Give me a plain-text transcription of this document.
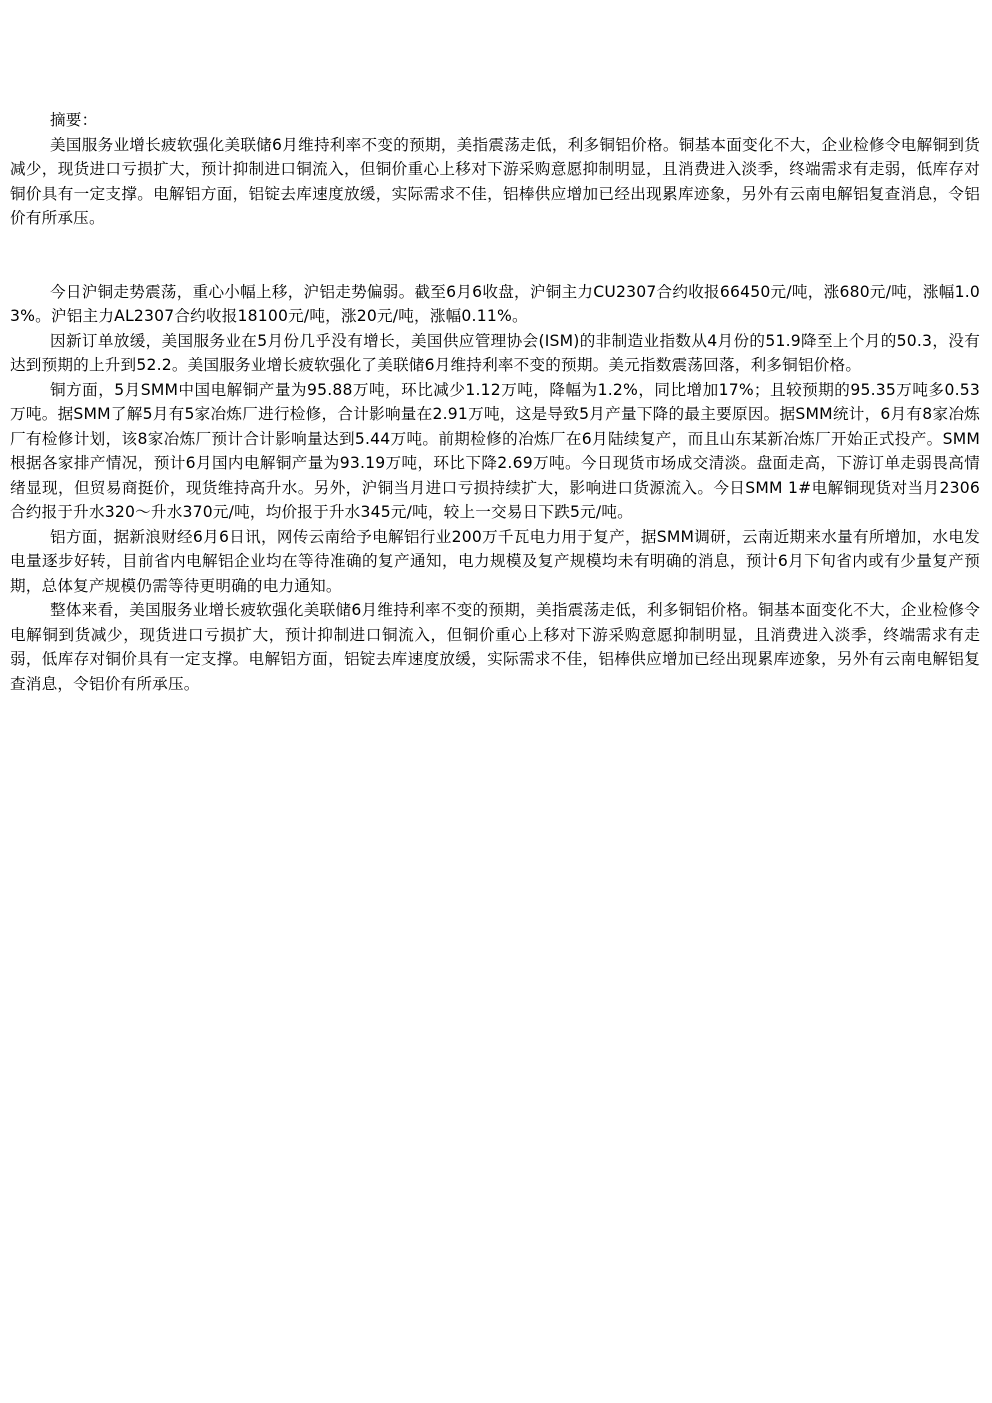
摘要：

美国服务业增长疲软强化美联储6月维持利率不变的预期，美指震荡走低，利多铜铝价格。铜基本面变化不大，企业检修令电解铜到货减少，现货进口亏损扩大，预计抑制进口铜流入，但铜价重心上移对下游采购意愿抑制明显，且消费进入淡季，终端需求有走弱，低库存对铜价具有一定支撑。电解铝方面，铝锭去库速度放缓，实际需求不佳，铝棒供应增加已经出现累库迹象，另外有云南电解铝复查消息，令铝价有所承压。

今日沪铜走势震荡，重心小幅上移，沪铝走势偏弱。截至6月6收盘，沪铜主力CU2307合约收报66450元/吨，涨680元/吨，涨幅1.03%。沪铝主力AL2307合约收报18100元/吨，涨20元/吨，涨幅0.11%。

因新订单放缓，美国服务业在5月份几乎没有增长，美国供应管理协会(ISM)的非制造业指数从4月份的51.9降至上个月的50.3，没有达到预期的上升到52.2。美国服务业增长疲软强化了美联储6月维持利率不变的预期。美元指数震荡回落，利多铜铝价格。

铜方面，5月SMM中国电解铜产量为95.88万吨，环比减少1.12万吨，降幅为1.2%，同比增加17%；且较预期的95.35万吨多0.53万吨。据SMM了解5月有5家冶炼厂进行检修，合计影响量在2.91万吨，这是导致5月产量下降的最主要原因。据SMM统计，6月有8家冶炼厂有检修计划，该8家冶炼厂预计合计影响量达到5.44万吨。前期检修的冶炼厂在6月陆续复产，而且山东某新冶炼厂开始正式投产。SMM根据各家排产情况，预计6月国内电解铜产量为93.19万吨，环比下降2.69万吨。今日现货市场成交清淡。盘面走高，下游订单走弱畏高情绪显现，但贸易商挺价，现货维持高升水。另外，沪铜当月进口亏损持续扩大，影响进口货源流入。今日SMM 1#电解铜现货对当月2306合约报于升水320～升水370元/吨，均价报于升水345元/吨，较上一交易日下跌5元/吨。

铝方面，据新浪财经6月6日讯，网传云南给予电解铝行业200万千瓦电力用于复产，据SMM调研，云南近期来水量有所增加，水电发电量逐步好转，目前省内电解铝企业均在等待准确的复产通知，电力规模及复产规模均未有明确的消息，预计6月下旬省内或有少量复产预期，总体复产规模仍需等待更明确的电力通知。

整体来看，美国服务业增长疲软强化美联储6月维持利率不变的预期，美指震荡走低，利多铜铝价格。铜基本面变化不大，企业检修令电解铜到货减少，现货进口亏损扩大，预计抑制进口铜流入，但铜价重心上移对下游采购意愿抑制明显，且消费进入淡季，终端需求有走弱，低库存对铜价具有一定支撑。电解铝方面，铝锭去库速度放缓，实际需求不佳，铝棒供应增加已经出现累库迹象，另外有云南电解铝复查消息，令铝价有所承压。
